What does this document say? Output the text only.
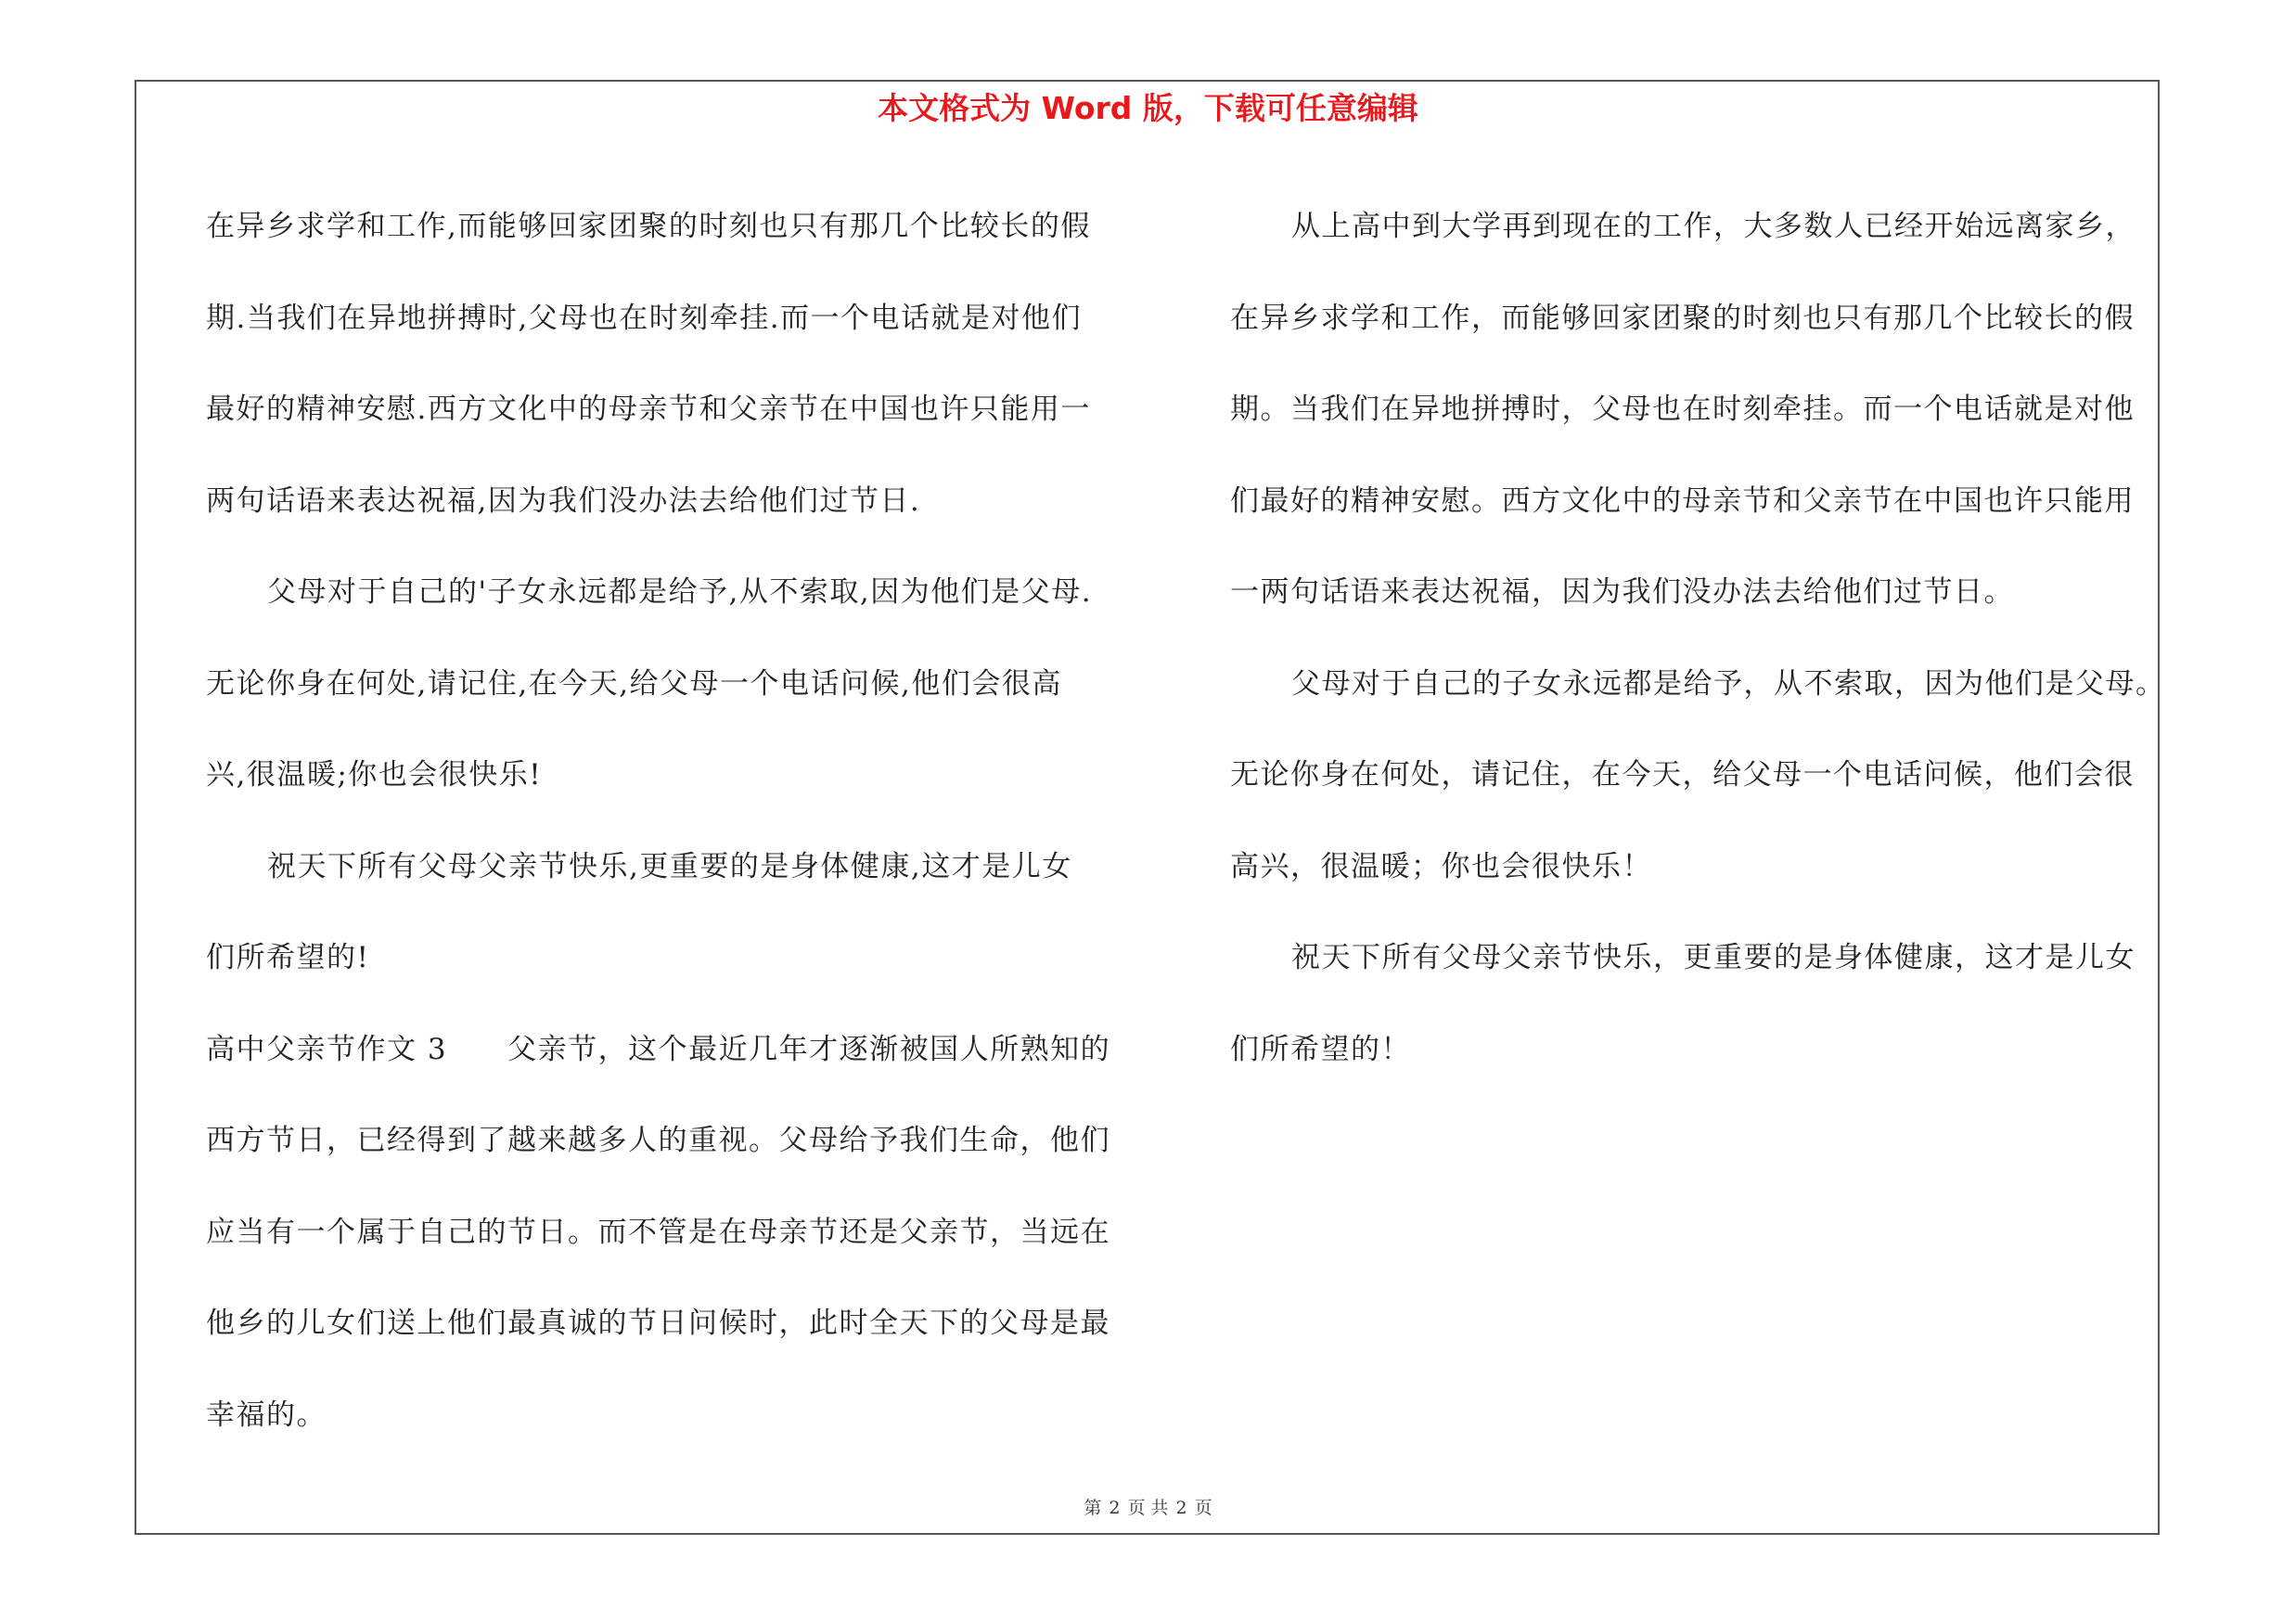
本文格式为 Word 版，下载可任意编辑

在异乡求学和工作,而能够回家团聚的时刻也只有那几个比较长的假

期.当我们在异地拼搏时,父母也在时刻牵挂.而一个电话就是对他们

最好的精神安慰.西方文化中的母亲节和父亲节在中国也许只能用一

两句话语来表达祝福,因为我们没办法去给他们过节日.

父母对于自己的'子女永远都是给予,从不索取,因为他们是父母.

无论你身在何处,请记住,在今天,给父母一个电话问候,他们会很高

兴,很温暖;你也会很快乐!

祝天下所有父母父亲节快乐,更重要的是身体健康,这才是儿女

们所希望的!

高中父亲节作文 3　　父亲节，这个最近几年才逐渐被国人所熟知的

西方节日，已经得到了越来越多人的重视。父母给予我们生命，他们

应当有一个属于自己的节日。而不管是在母亲节还是父亲节，当远在

他乡的儿女们送上他们最真诚的节日问候时，此时全天下的父母是最

幸福的。

从上高中到大学再到现在的工作，大多数人已经开始远离家乡，

在异乡求学和工作，而能够回家团聚的时刻也只有那几个比较长的假

期。当我们在异地拼搏时，父母也在时刻牵挂。而一个电话就是对他

们最好的精神安慰。西方文化中的母亲节和父亲节在中国也许只能用

一两句话语来表达祝福，因为我们没办法去给他们过节日。

父母对于自己的子女永远都是给予，从不索取，因为他们是父母。

无论你身在何处，请记住，在今天，给父母一个电话问候，他们会很

高兴，很温暖；你也会很快乐！

祝天下所有父母父亲节快乐，更重要的是身体健康，这才是儿女

们所希望的！

第 2 页 共 2 页
